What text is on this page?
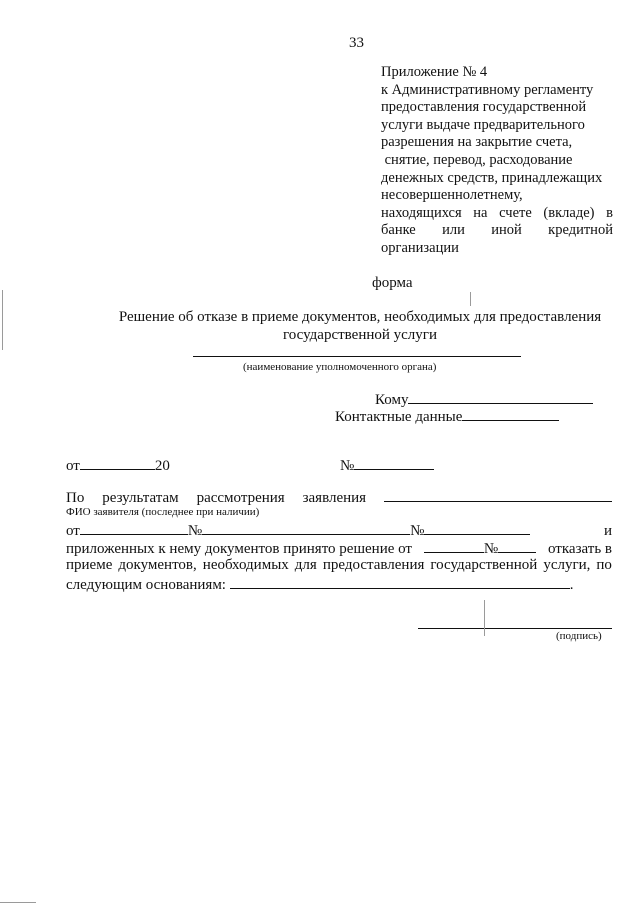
33
Приложение № 4
к Административному регламенту
предоставления государственной
услуги выдаче предварительного
разрешения на закрытие счета,
снятие, перевод, расходование
денежных средств, принадлежащих
несовершеннолетнему,
находящихся на счете (вкладе) в
банке или иной кредитной
организации
форма
Решение об отказе в приеме документов, необходимых для предоставления
государственной услуги
(наименование уполномоченного органа)
Кому
Контактные данные
от	20	№
По результатам рассмотрения заявления
ФИО заявителя (последнее при наличии)
от	№	№	и
приложенных к нему документов принято решение от	№	отказать в
приеме документов, необходимых для предоставления государственной услуги, по
следующим основаниям:	.
(подпись)
